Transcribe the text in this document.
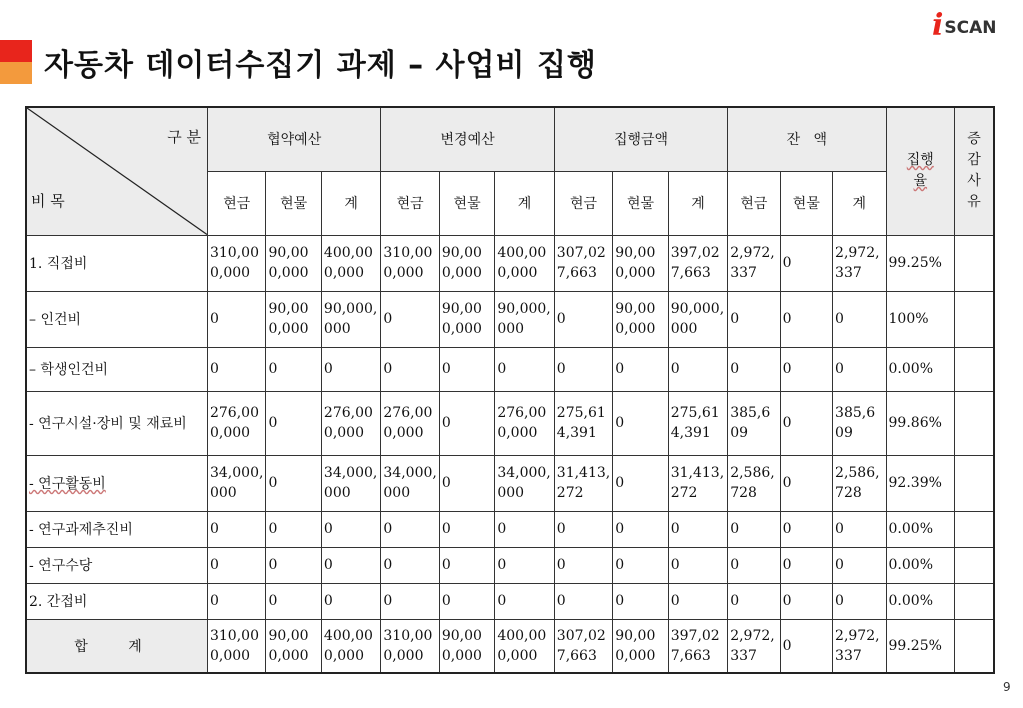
자동차 데이터수집기 과제 – 사업비 집행
i SCAN
구 분
비 목	협약예산			변경예산			집행금액			잔   액			집행율	증감사유
	현금	현물	계	현금	현물	계	현금	현물	계	현금	현물	계		
1. 직접비	310,000,000	90,000,000	400,000,000	310,000,000	90,000,000	400,000,000	307,027,663	90,000,000	397,027,663	2,972,337	0	2,972,337	99.25%	
– 인건비	0	90,000,000	90,000,000	0	90,000,000	90,000,000	0	90,000,000	90,000,000	0	0	0	100%	
– 학생인건비	0	0	0	0	0	0	0	0	0	0	0	0	0.00%	
- 연구시설·장비 및 재료비	276,000,000	0	276,000,000	276,000,000	0	276,000,000	275,614,391	0	275,614,391	385,609	0	385,609	99.86%	
- 연구활동비	34,000,000	0	34,000,000	34,000,000	0	34,000,000	31,413,272	0	31,413,272	2,586,728	0	2,586,728	92.39%	
- 연구과제추진비	0	0	0	0	0	0	0	0	0	0	0	0	0.00%	
- 연구수당	0	0	0	0	0	0	0	0	0	0	0	0	0.00%	
2. 간접비	0	0	0	0	0	0	0	0	0	0	0	0	0.00%	
합 계	310,000,000	90,000,000	400,000,000	310,000,000	90,000,000	400,000,000	307,027,663	90,000,000	397,027,663	2,972,337	0	2,972,337	99.25%	
9
